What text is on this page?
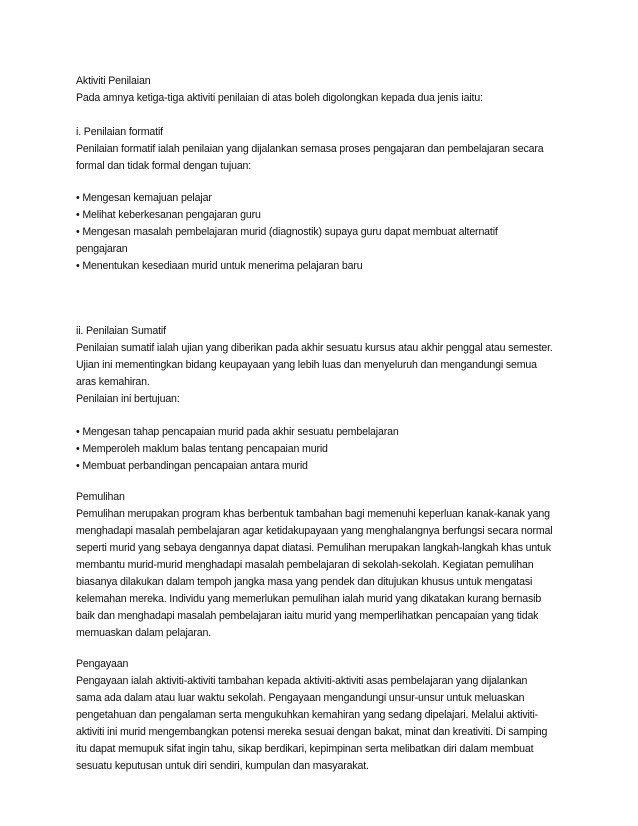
Aktiviti Penilaian
Pada amnya ketiga-tiga aktiviti penilaian di atas boleh digolongkan kepada dua jenis iaitu:
i. Penilaian formatif
Penilaian formatif ialah penilaian yang dijalankan semasa proses pengajaran dan pembelajaran secara
formal dan tidak formal dengan tujuan:
• Mengesan kemajuan pelajar
• Melihat keberkesanan pengajaran guru
• Mengesan masalah pembelajaran murid (diagnostik) supaya guru dapat membuat alternatif
pengajaran
• Menentukan kesediaan murid untuk menerima pelajaran baru
ii. Penilaian Sumatif
Penilaian sumatif ialah ujian yang diberikan pada akhir sesuatu kursus atau akhir penggal atau semester.
Ujian ini mementingkan bidang keupayaan yang lebih luas dan menyeluruh dan mengandungi semua
aras kemahiran.
Penilaian ini bertujuan:
• Mengesan tahap pencapaian murid pada akhir sesuatu pembelajaran
• Memperoleh maklum balas tentang pencapaian murid
• Membuat perbandingan pencapaian antara murid
Pemulihan
Pemulihan merupakan program khas berbentuk tambahan bagi memenuhi keperluan kanak-kanak yang
menghadapi masalah pembelajaran agar ketidakupayaan yang menghalangnya berfungsi secara normal
seperti murid yang sebaya dengannya dapat diatasi. Pemulihan merupakan langkah-langkah khas untuk
membantu murid-murid menghadapi masalah pembelajaran di sekolah-sekolah. Kegiatan pemulihan
biasanya dilakukan dalam tempoh jangka masa yang pendek dan ditujukan khusus untuk mengatasi
kelemahan mereka. Individu yang memerlukan pemulihan ialah murid yang dikatakan kurang bernasib
baik dan menghadapi masalah pembelajaran iaitu murid yang memperlihatkan pencapaian yang tidak
memuaskan dalam pelajaran.
Pengayaan
Pengayaan ialah aktiviti-aktiviti tambahan kepada aktiviti-aktiviti asas pembelajaran yang dijalankan
sama ada dalam atau luar waktu sekolah. Pengayaan mengandungi unsur-unsur untuk meluaskan
pengetahuan dan pengalaman serta mengukuhkan kemahiran yang sedang dipelajari. Melalui aktiviti-
aktiviti ini murid mengembangkan potensi mereka sesuai dengan bakat, minat dan kreativiti. Di samping
itu dapat memupuk sifat ingin tahu, sikap berdikari, kepimpinan serta melibatkan diri dalam membuat
sesuatu keputusan untuk diri sendiri, kumpulan dan masyarakat.
